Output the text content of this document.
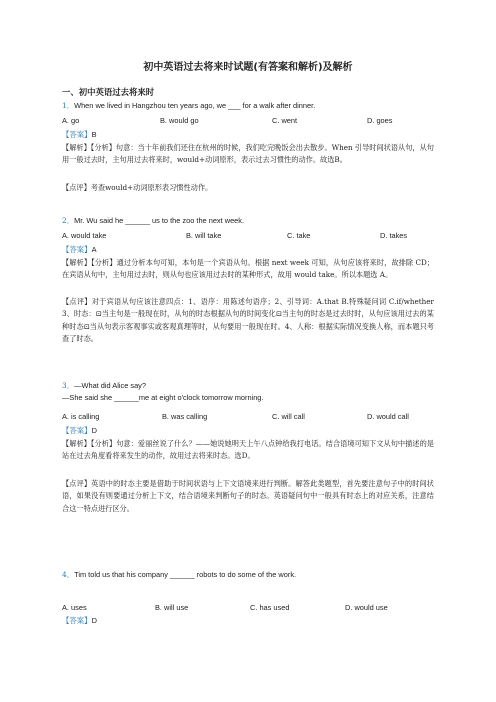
初中英语过去将来时试题(有答案和解析)及解析
一、初中英语过去将来时
1．When we lived in Hangzhou ten years ago, we ___ for a walk after dinner.
A. go	B. would go	C. went	D. goes
【答案】B
【解析】【分析】句意：当十年前我们还住在杭州的时候，我们吃完晚饭会出去散步。When 引导时间状语从句，从句用一般过去时，主句用过去将来时，would+动词原形，表示过去习惯性的动作。故选B。
【点评】考查would+动词原形表习惯性动作。
2．Mr. Wu said he ______ us to the zoo the next week.
A. would take	B. will take	C. take	D. takes
【答案】A
【解析】【分析】通过分析本句可知，本句是一个宾语从句。根据 next week 可知，从句应该将来时，故排除 CD；在宾语从句中，主句用过去时，则从句也应该用过去时的某种形式，故用 would take。所以本题选 A。
【点评】对于宾语从句应该注意四点：1、语序：用陈述句语序；2、引导词：A.that B.特殊疑问词 C.if/whether 3、时态：⊡当主句是一般现在时，从句的时态根据从句的时间变化⊡当主句的时态是过去时时，从句应该用过去的某种时态⊡当从句表示客观事实或客观真理等时，从句要用一般现在时。4、人称：根据实际情况变换人称，而本题只考查了时态。
3．—What did Alice say?
—She said she ______me at eight o'clock tomorrow morning.
A. is calling	B. was calling	C. will call	D. would call
【答案】D
【解析】【分析】句意：爱丽丝说了什么？——她说她明天上午八点钟给我打电话。结合语境可知下文从句中描述的是站在过去角度看将来发生的动作，故用过去将来时态。选D。
【点评】英语中的时态主要是借助于时间状语与上下文语境来进行判断。解答此类题型，首先要注意句子中的时间状语，如果没有则要通过分析上下文，结合语境来判断句子的时态。英语疑问句中一般具有时态上的对应关系，注意结合这一特点进行区分。
4．Tim told us that his company ______ robots to do some of the work.
A. uses	B. will use	C. has used	D. would use
【答案】D
